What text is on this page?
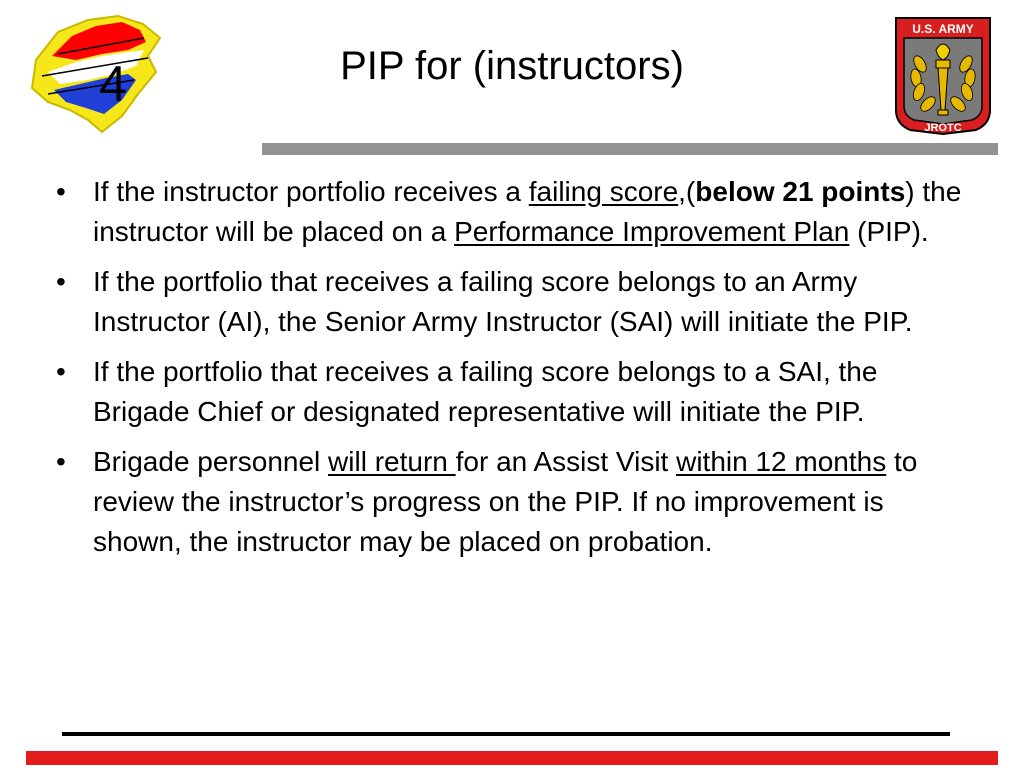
4	PIP for (instructors)
U.S. ARMY
JROTC
• If the instructor portfolio receives a failing score,(below 21 points) the instructor will be placed on a Performance Improvement Plan (PIP).
• If the portfolio that receives a failing score belongs to an Army Instructor (AI), the Senior Army Instructor (SAI) will initiate the PIP.
• If the portfolio that receives a failing score belongs to a SAI, the Brigade Chief or designated representative will initiate the PIP.
• Brigade personnel will return for an Assist Visit within 12 months to review the instructor’s progress on the PIP. If no improvement is shown, the instructor may be placed on probation.
